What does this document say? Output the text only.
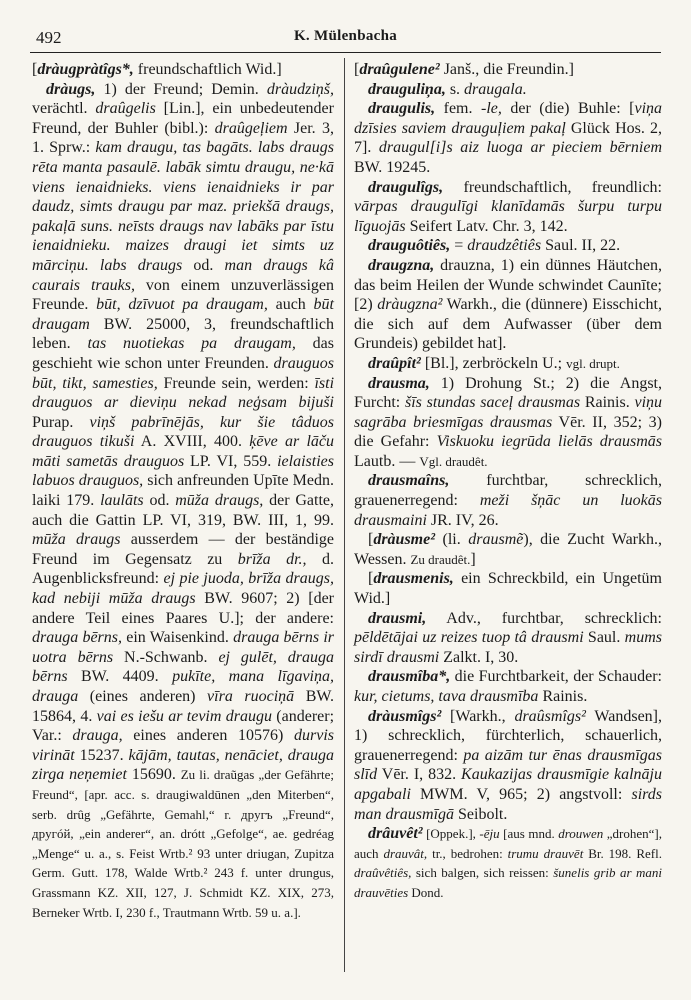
492	K. Mülenbacha

[dràugpràtîgs*, freundschaftlich Wid.]

dràugs, 1) der Freund; Demin. dràudziņš, verächtl. draûgelis [Lin.], ein unbedeutender Freund, der Buhler (bibl.): draûgeļiem Jer. 3, 1. Sprw.: kam draugu, tas bagāts. labs draugs rēta manta pasaulē. labāk simtu draugu, ne·kā viens ienaidnieks. viens ienaidnieks ir par daudz, simts draugu par maz. priekšā draugs, pakaļā suns. neīsts draugs nav labāks par īstu ienaidnieku. maizes draugi iet simts uz mārciņu. labs draugs od. man draugs kâ caurais trauks, von einem unzuverlässigen Freunde. būt, dzīvuot pa draugam, auch būt draugam BW. 25000, 3, freundschaftlich leben. tas nuotiekas pa draugam, das geschieht wie schon unter Freunden. drauguos būt, tikt, samesties, Freunde sein, werden: īsti drauguos ar dieviņu nekad neģsam bijuši Purap. viņš pabrīnējās, kur šie tâduos drauguos tikuši A. XVIII, 400. ķēve ar lāču māti sametās drauguos LP. VI, 559. ielaisties labuos drauguos, sich anfreunden Upīte Medn. laiki 179. laulāts od. mūža draugs, der Gatte, auch die Gattin LP. VI, 319, BW. III, 1, 99. mūža draugs ausserdem — der beständige Freund im Gegensatz zu brīža dr., d. Augenblicksfreund: ej pie juoda, brīža draugs, kad nebiji mūža draugs BW. 9607; 2) [der andere Teil eines Paares U.]; der andere: drauga bērns, ein Waisenkind. drauga bērns ir uotra bērns N.-Schwanb. ej gulēt, drauga bērns BW. 4409. pukīte, mana līgaviņa, drauga (eines anderen) vīra ruociņā BW. 15864, 4. vai es iešu ar tevim draugu (anderer; Var.: drauga, eines anderen 10576) durvis virināt 15237. kājām, tautas, nenāciet, drauga zirga neņemiet 15690. Zu li. draũgas „der Gefährte; Freund“, [apr. acc. s. draugiwaldūnen „den Miterben“, serb. drûg „Gefährte, Gemahl,“ r. дpyгъ „Freund“, дpyгóй, „ein anderer“, an. drótt „Gefolge“, ae. gedréag „Menge“ u. a., s. Feist Wrtb.² 93 unter driugan, Zupitza Germ. Gutt. 178, Walde Wrtb.² 243 f. unter drungus, Grassmann KZ. XII, 127, J. Schmidt KZ. XIX, 273, Berneker Wrtb. I, 230 f., Trautmann Wrtb. 59 u. a.].

[draûgulene² Janš., die Freundin.]

drauguliņa, s. draugala.

draugulis, fem. -le, der (die) Buhle: [viņa dzīsies saviem drauguļiem pakaļ Glück Hos. 2, 7]. draugul[i]s aiz luoga ar pieciem bērniem BW. 19245.

draugulîgs, freundschaftlich, freundlich: vārpas draugulīgi klanīdamās šurpu turpu līguojās Seifert Latv. Chr. 3, 142.

drauguôtiês, = draudzêtiês Saul. II, 22.

draugzna, drauzna, 1) ein dünnes Häutchen, das beim Heilen der Wunde schwindet Caunīte; [2) dràugzna² Warkh., die (dünnere) Eisschicht, die sich auf dem Aufwasser (über dem Grundeis) gebildet hat].

draûpît² [Bl.], zerbröckeln U.; vgl. drupt.

drausma, 1) Drohung St.; 2) die Angst, Furcht: šīs stundas saceļ drausmas Rainis. viņu sagrāba briesmīgas drausmas Vēr. II, 352; 3) die Gefahr: Viskuoku iegrūda lielās drausmās Lautb. — Vgl. draudêt.

drausmaîns, furchtbar, schrecklich, grauenerregend: meži šņāc un luokās drausmaini JR. IV, 26.

[dràusme² (li. drausmẽ), die Zucht Warkh., Wessen. Zu draudêt.]

[drausmenis, ein Schreckbild, ein Ungetüm Wid.]

drausmi, Adv., furchtbar, schrecklich: pēldētājai uz reizes tuop tâ drausmi Saul. mums sirdī drausmi Zalkt. I, 30.

drausmîba*, die Furchtbarkeit, der Schauder: kur, cietums, tava drausmība Rainis.

dràusmîgs² [Warkh., draûsmîgs² Wandsen], 1) schrecklich, fürchterlich, schauerlich, grauenerregend: pa aizām tur ēnas drausmīgas slīd Vēr. I, 832. Kaukazijas drausmīgie kalnāju apgabali MWM. V, 965; 2) angstvoll: sirds man drausmīgā Seibolt.

drâuvêt² [Oppek.], -ēju [aus mnd. drouwen „drohen“], auch drauvât, tr., bedrohen: trumu drauvēt Br. 198. Refl. draûvêtiês, sich balgen, sich reissen: šunelis grib ar mani drauvēties Dond.
